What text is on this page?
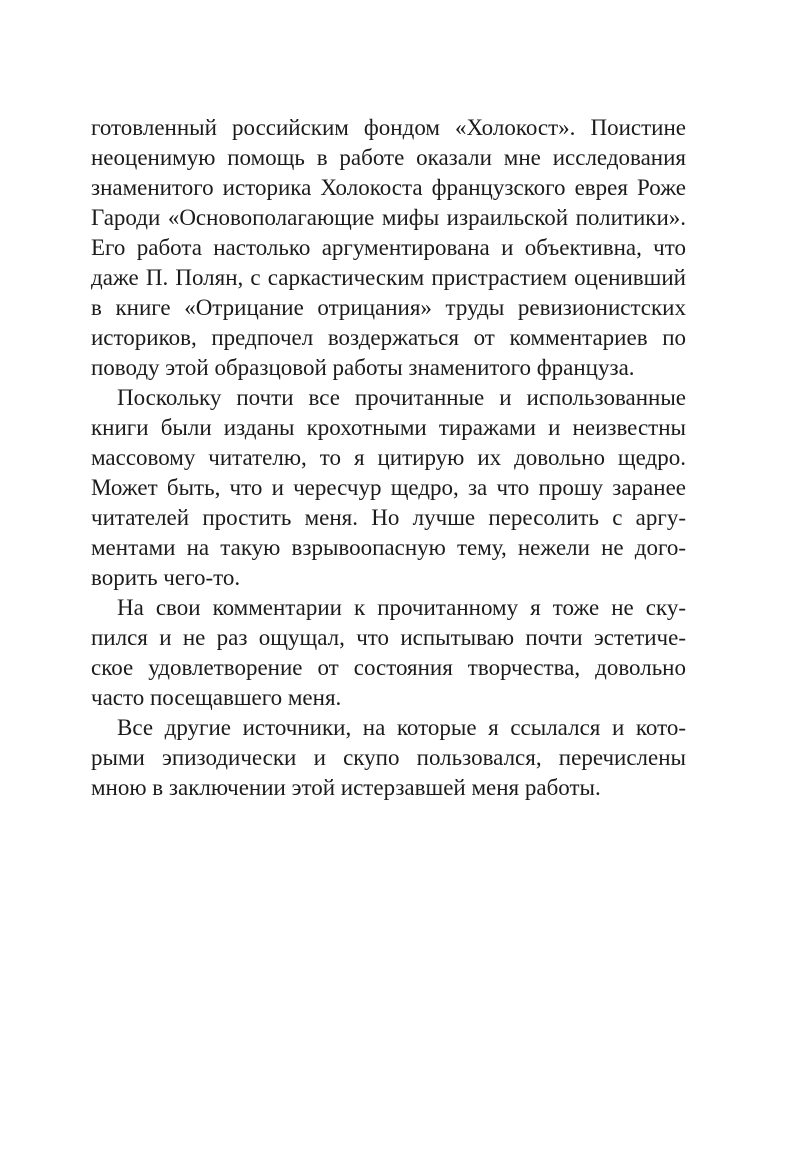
готовленный российским фондом «Холокост». Поистине
неоценимую помощь в работе оказали мне исследования
знаменитого историка Холокоста французского еврея Роже
Гароди «Основополагающие мифы израильской политики».
Его работа настолько аргументирована и объективна, что
даже П. Полян, с саркастическим пристрастием оценивший
в книге «Отрицание отрицания» труды ревизионистских
историков, предпочел воздержаться от комментариев по
поводу этой образцовой работы знаменитого француза.
Поскольку почти все прочитанные и использованные
книги были изданы крохотными тиражами и неизвестны
массовому читателю, то я цитирую их довольно щедро.
Может быть, что и чересчур щедро, за что прошу заранее
читателей простить меня. Но лучше пересолить с аргу-
ментами на такую взрывоопасную тему, нежели не дого-
ворить чего-то.
На свои комментарии к прочитанному я тоже не ску-
пился и не раз ощущал, что испытываю почти эстетиче-
ское удовлетворение от состояния творчества, довольно
часто посещавшего меня.
Все другие источники, на которые я ссылался и кото-
рыми эпизодически и скупо пользовался, перечислены
мною в заключении этой истерзавшей меня работы.
